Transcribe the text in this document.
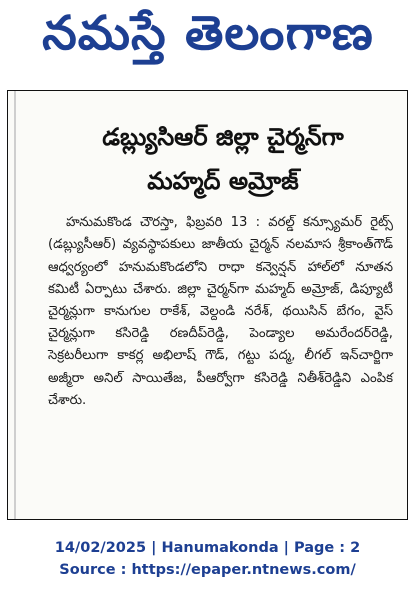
నమస్తే తెలంగాణ
డబ్ల్యుసిఆర్ జిల్లా చైర్మన్‌గా
మహ్మద్ అమ్రోజ్

హనుమకొండ చౌరస్తా, ఫిబ్రవరి 13 : వరల్డ్ కన్స్యూమర్ రైట్స్ (డబ్ల్యుసీఆర్) వ్యవస్థాపకులు జాతీయ చైర్మన్ నలమాస శ్రీకాంత్‌గౌడ్ ఆధ్వర్యంలో హనుమకొండలోని రాధా కన్వెన్షన్ హాల్‌లో నూతన కమిటీ ఏర్పాటు చేశారు. జిల్లా చైర్మన్‌గా మహ్మద్ అమ్రోజ్, డిప్యూటీ చైర్మన్లుగా కానుగుల రాకేశ్, వెల్దండి నరేశ్, థయిసిన్ బేగం, వైస్ చైర్మన్లుగా కసిరెడ్డి రణదీప్‌రెడ్డి, పెండ్యాల అమరేందర్‌రెడ్డి, సెక్రటరీలుగా కాకర్ల అభిలాష్ గౌడ్, గట్టు పద్మ, లీగల్ ఇన్‌చార్జిగా అజ్మీరా అనిల్ సాయితేజ, పీఆర్వోగా కసిరెడ్డి నితీశ్‌రెడ్డిని ఎంపిక చేశారు.

14/02/2025 | Hanumakonda | Page : 2
Source : https://epaper.ntnews.com/
